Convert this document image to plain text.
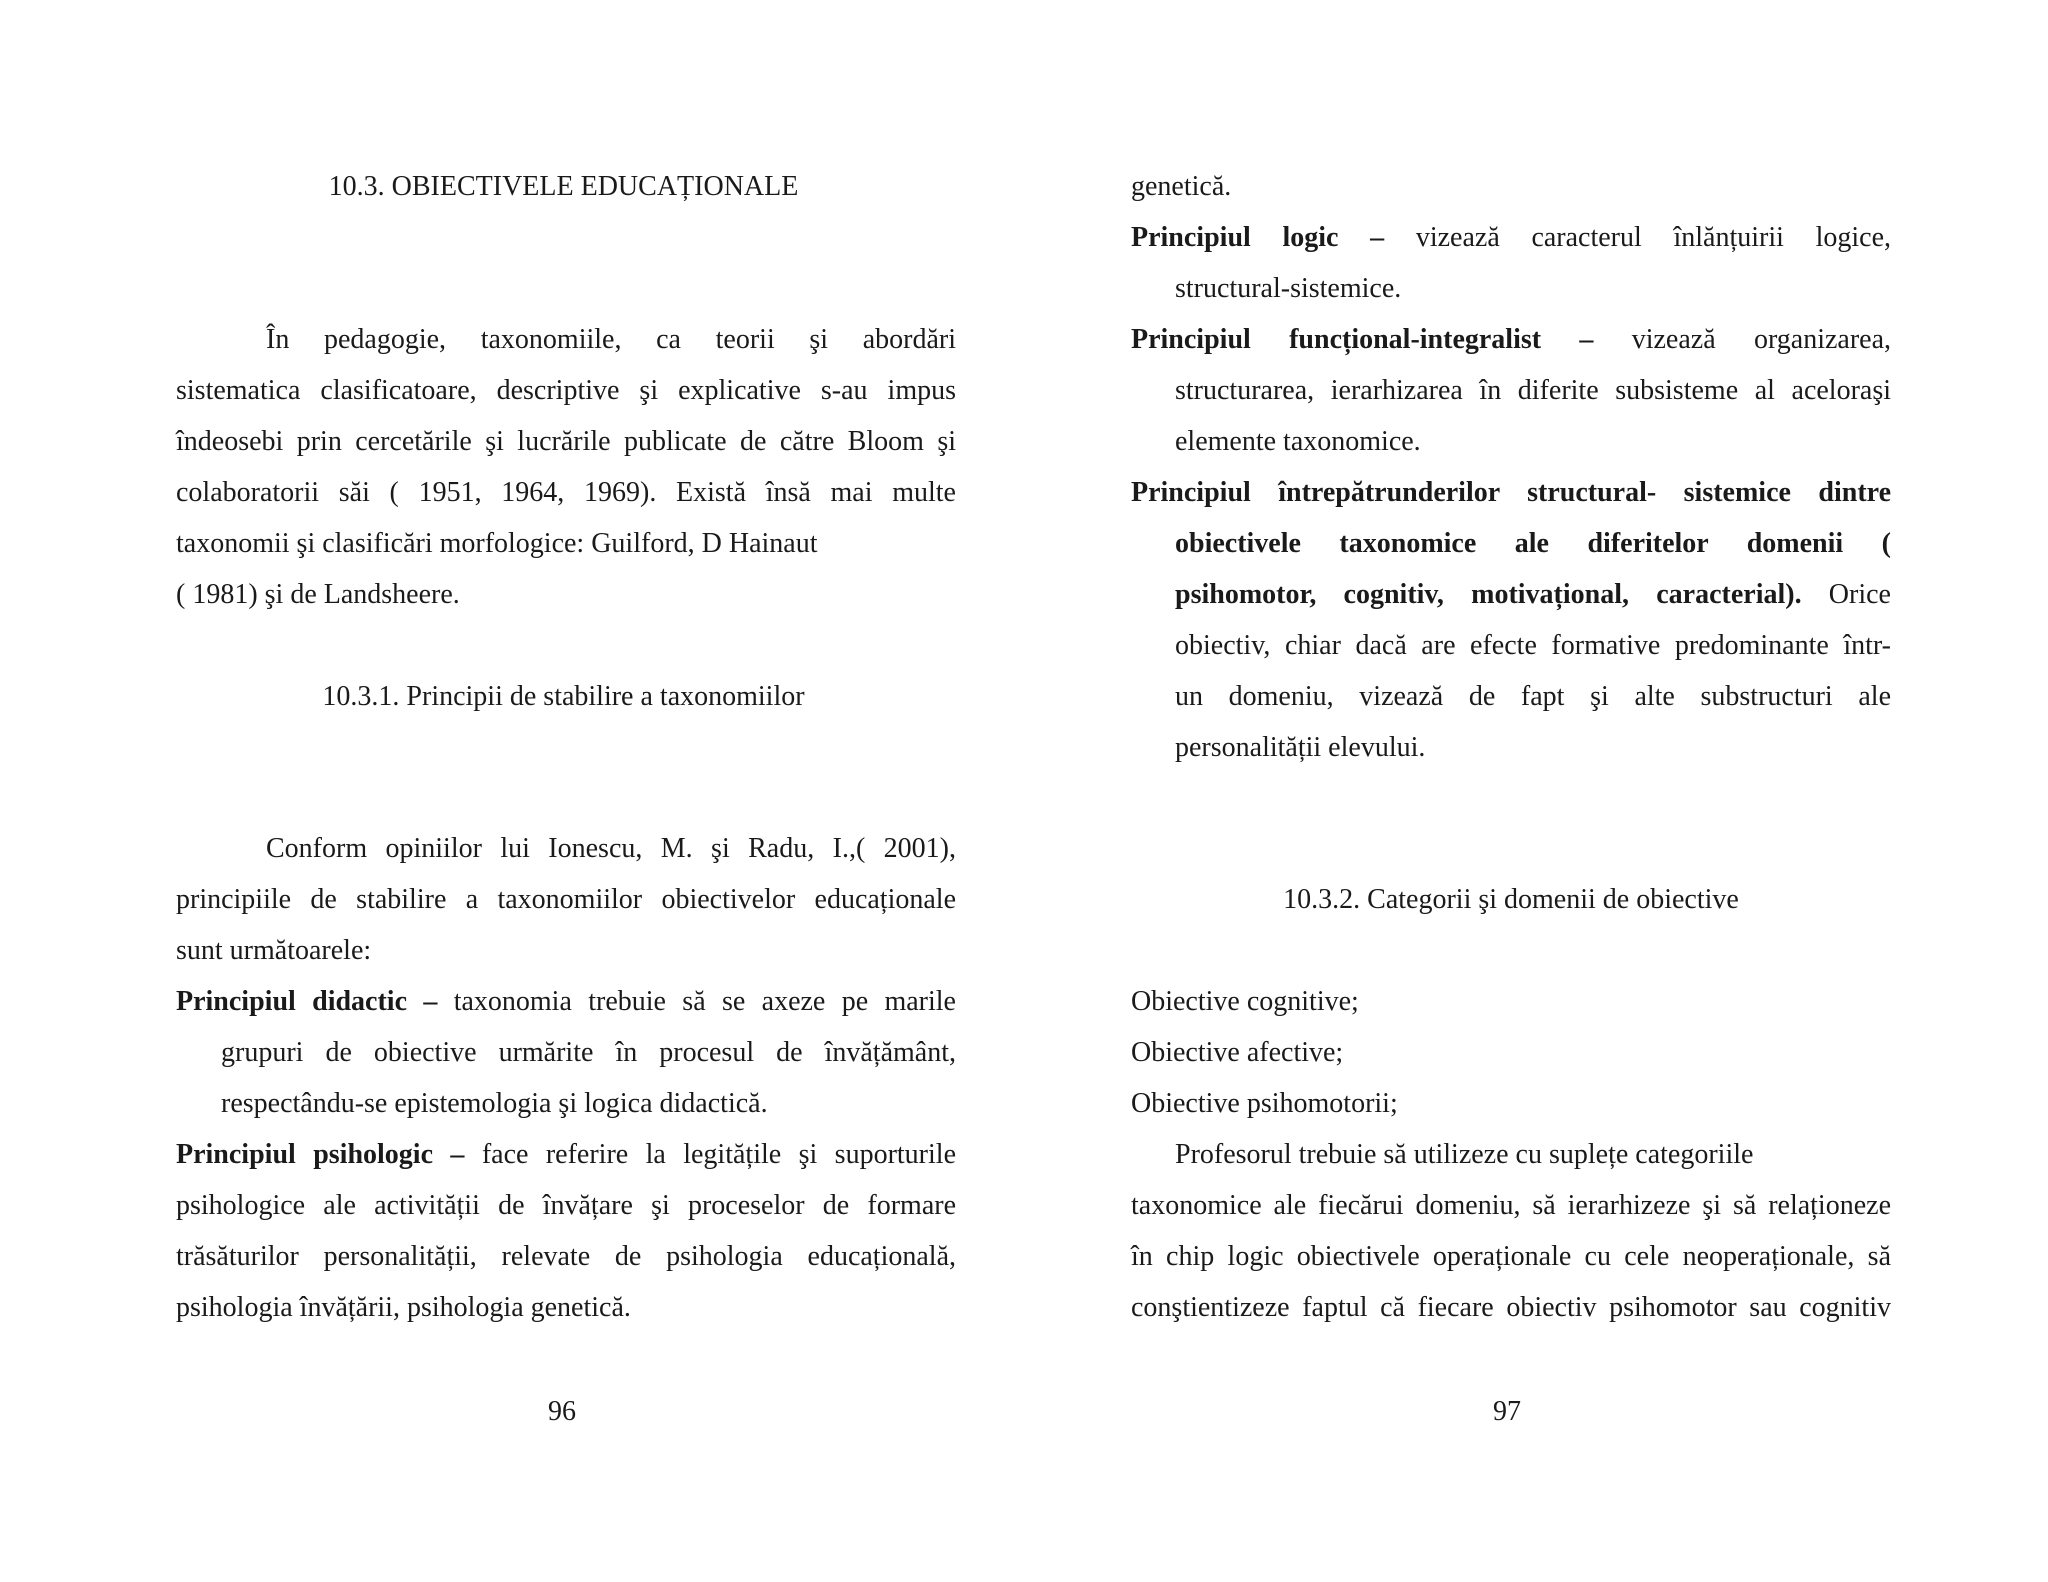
10.3. OBIECTIVELE EDUCAȚIONALE
În pedagogie, taxonomiile, ca teorii şi abordări
sistematica clasificatoare, descriptive şi explicative s-au impus
îndeosebi prin cercetările şi lucrările publicate de către Bloom şi
colaboratorii săi ( 1951, 1964, 1969). Există însă mai multe
taxonomii şi clasificări morfologice: Guilford, D Hainaut
( 1981) şi de Landsheere.
10.3.1. Principii de stabilire a taxonomiilor
Conform opiniilor lui Ionescu, M. şi Radu, I.,( 2001),
principiile de stabilire a taxonomiilor obiectivelor educaționale
sunt următoarele:
Principiul didactic – taxonomia trebuie să se axeze pe marile
grupuri de obiective urmărite în procesul de învățământ,
respectându-se epistemologia şi logica didactică.
Principiul psihologic – face referire la legitățile şi suporturile
psihologice ale activității de învățare şi proceselor de formare
trăsăturilor personalității, relevate de psihologia educațională,
psihologia învățării, psihologia genetică.
96
genetică.
Principiul logic – vizează caracterul înlănțuirii logice,
structural-sistemice.
Principiul funcțional-integralist – vizează organizarea,
structurarea, ierarhizarea în diferite subsisteme al aceloraşi
elemente taxonomice.
Principiul întrepătrunderilor structural- sistemice dintre
obiectivele taxonomice ale diferitelor domenii (
psihomotor, cognitiv, motivațional, caracterial). Orice
obiectiv, chiar dacă are efecte formative predominante într-
un domeniu, vizează de fapt şi alte substructuri ale
personalității elevului.
10.3.2. Categorii şi domenii de obiective
Obiective cognitive;
Obiective afective;
Obiective psihomotorii;
Profesorul trebuie să utilizeze cu suplețe categoriile
taxonomice ale fiecărui domeniu, să ierarhizeze şi să relaționeze
în chip logic obiectivele operaționale cu cele neoperaționale, să
conştientizeze faptul că fiecare obiectiv psihomotor sau cognitiv
97
